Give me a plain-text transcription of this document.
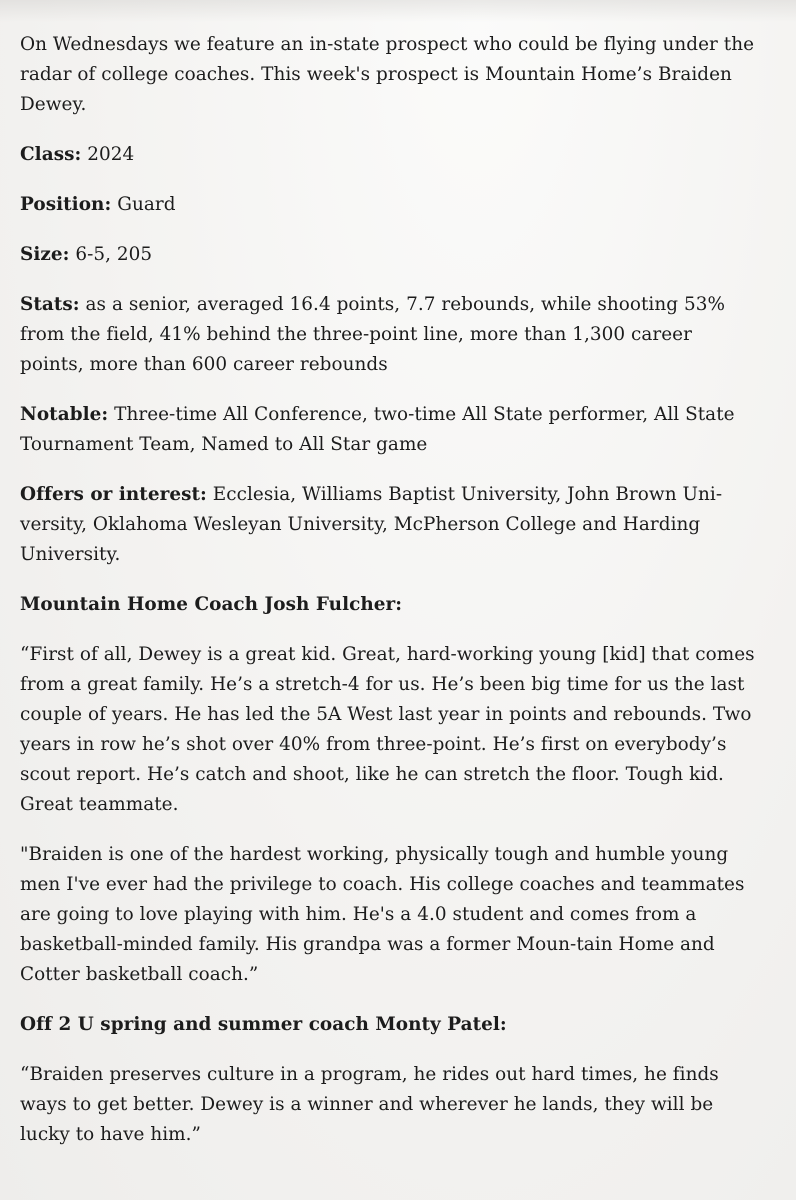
On Wednesdays we feature an in-state prospect who could be flying under the radar of college coaches. This week's prospect is Mountain Home’s Braiden Dewey.

Class: 2024

Position: Guard

Size: 6-5, 205

Stats: as a senior, averaged 16.4 points, 7.7 rebounds, while shooting 53% from the field, 41% behind the three-point line, more than 1,300 career points, more than 600 career rebounds

Notable: Three-time All Conference, two-time All State performer, All State Tournament Team, Named to All Star game

Offers or interest: Ecclesia, Williams Baptist University, John Brown Uni-versity, Oklahoma Wesleyan University, McPherson College and Harding University.

Mountain Home Coach Josh Fulcher:

“First of all, Dewey is a great kid. Great, hard-working young [kid] that comes from a great family. He’s a stretch-4 for us. He’s been big time for us the last couple of years. He has led the 5A West last year in points and rebounds. Two years in row he’s shot over 40% from three-point. He’s first on everybody’s scout report. He’s catch and shoot, like he can stretch the floor. Tough kid. Great teammate.

"Braiden is one of the hardest working, physically tough and humble young men I've ever had the privilege to coach. His college coaches and teammates are going to love playing with him. He's a 4.0 student and comes from a basketball-minded family. His grandpa was a former Moun-tain Home and Cotter basketball coach.”

Off 2 U spring and summer coach Monty Patel:

“Braiden preserves culture in a program, he rides out hard times, he finds ways to get better. Dewey is a winner and wherever he lands, they will be lucky to have him.”
